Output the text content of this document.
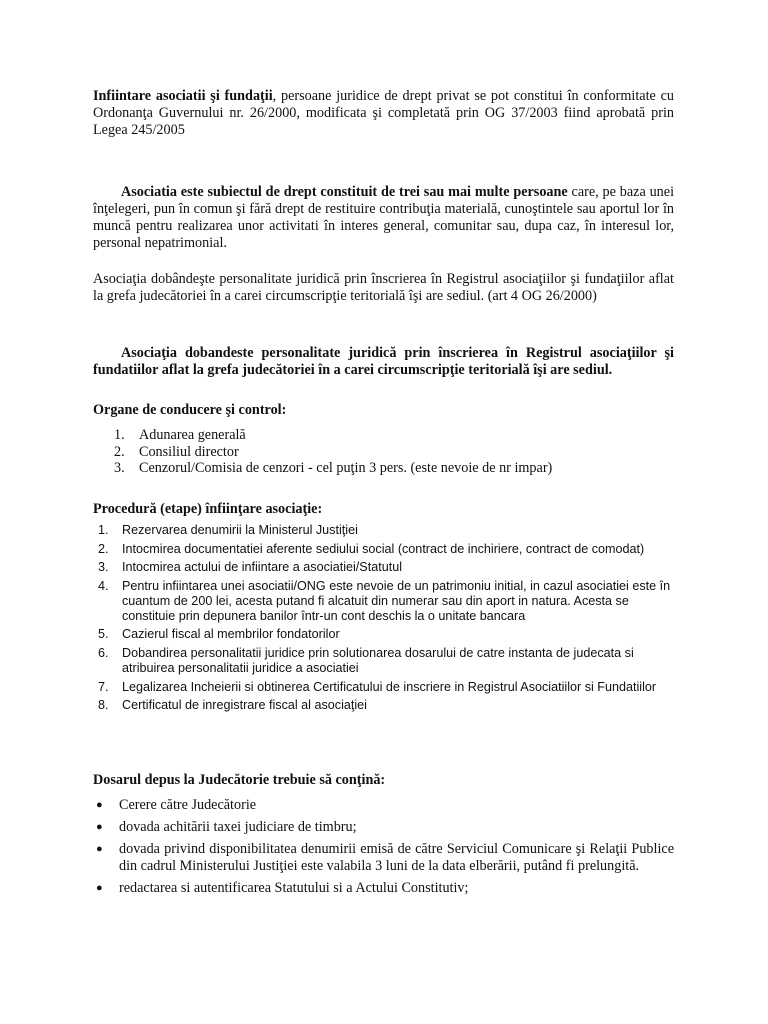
Infiintare asociatii şi fundaţii, persoane juridice de drept privat se pot constitui în conformitate cu Ordonanţa Guvernului nr. 26/2000, modificata şi completată prin OG 37/2003 fiind aprobată prin Legea 245/2005

Asociatia este subiectul de drept constituit de trei sau mai multe persoane care, pe baza unei înţelegeri, pun în comun şi fără drept de restituire contribuţia materială, cunoştintele sau aportul lor în muncă pentru realizarea unor activitati în interes general, comunitar sau, dupa caz, în interesul lor, personal nepatrimonial.

Asociaţia dobândeşte personalitate juridică prin înscrierea în Registrul asociaţiilor şi fundaţiilor aflat la grefa judecătoriei în a carei circumscripţie teritorială îşi are sediul. (art 4 OG 26/2000)

Asociaţia dobandeste personalitate juridică prin înscrierea în Registrul asociaţiilor şi fundatiilor aflat la grefa judecătoriei în a carei circumscripţie teritorială îşi are sediul.

Organe de conducere şi control:
1. Adunarea generală
2. Consiliul director
3. Cenzorul/Comisia de cenzori - cel puţin 3 pers. (este nevoie de nr impar)
Procedură (etape) înfiinţare asociaţie:
1. Rezervarea denumirii la Ministerul Justiţiei
2. Intocmirea documentatiei aferente sediului social (contract de inchiriere, contract de comodat)
3. Intocmirea actului de infiintare a asociatiei/Statutul
4. Pentru infiintarea unei asociatii/ONG este nevoie de un patrimoniu initial, in cazul asociatiei este în cuantum de 200 lei, acesta putand fi alcatuit din numerar sau din aport in natura. Acesta se constituie prin depunera banilor într-un cont deschis la o unitate bancara
5. Cazierul fiscal al membrilor fondatorilor
6. Dobandirea personalitatii juridice prin solutionarea dosarului de catre instanta de judecata si atribuirea personalitatii juridice a asociatiei
7. Legalizarea Incheierii si obtinerea Certificatului de inscriere in Registrul Asociatiilor si Fundatiilor
8. Certificatul de inregistrare fiscal al asociaţiei
Dosarul depus la Judecătorie trebuie să conţină:
● Cerere către Judecătorie
● dovada achitării taxei judiciare de timbru;
● dovada privind disponibilitatea denumirii emisă de către Serviciul Comunicare şi Relaţii Publice din cadrul Ministerului Justiţiei este valabila 3 luni de la data elberării, putând fi prelungită.
● redactarea si autentificarea Statutului si a Actului Constitutiv;
